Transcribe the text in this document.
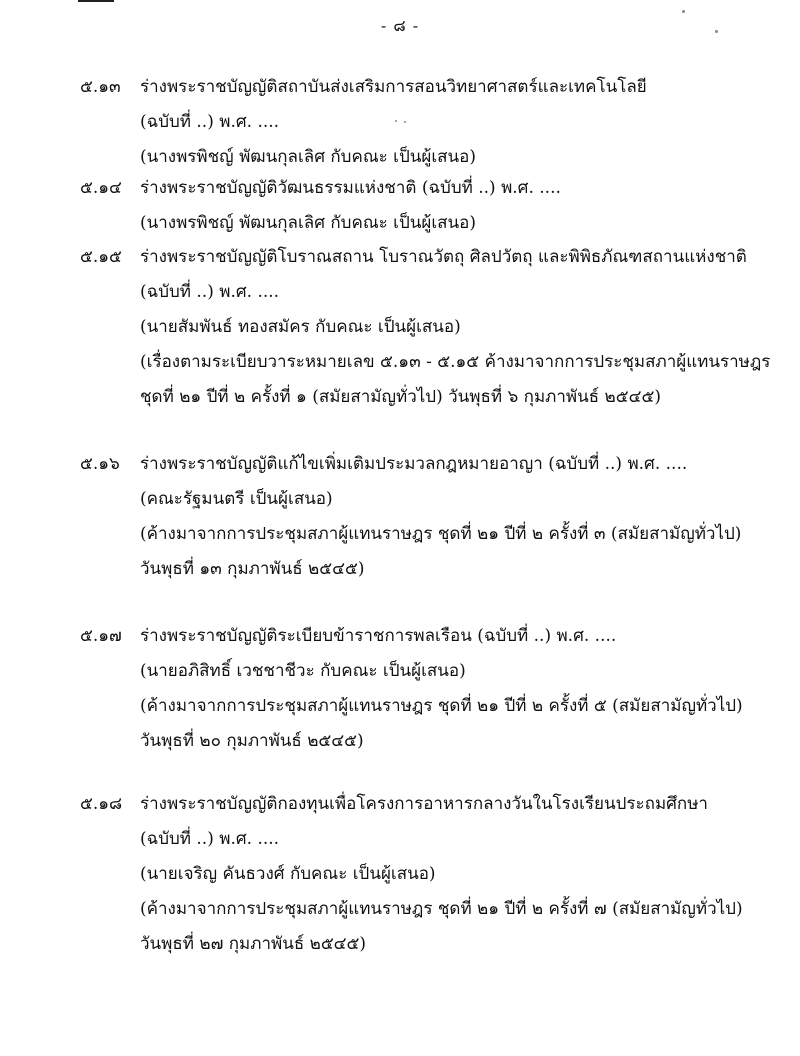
- ๘ -
๕.๑๓ ร่างพระราชบัญญัติสถาบันส่งเสริมการสอนวิทยาศาสตร์และเทคโนโลยี
(ฉบับที่ ..) พ.ศ. ....
(นางพรพิชญ์ พัฒนกุลเลิศ กับคณะ เป็นผู้เสนอ)
๕.๑๔ ร่างพระราชบัญญัติวัฒนธรรมแห่งชาติ (ฉบับที่ ..) พ.ศ. ....
(นางพรพิชญ์ พัฒนกุลเลิศ กับคณะ เป็นผู้เสนอ)
๕.๑๕ ร่างพระราชบัญญัติโบราณสถาน โบราณวัตถุ ศิลปวัตถุ และพิพิธภัณฑสถานแห่งชาติ
(ฉบับที่ ..) พ.ศ. ....
(นายสัมพันธ์ ทองสมัคร กับคณะ เป็นผู้เสนอ)
(เรื่องตามระเบียบวาระหมายเลข ๕.๑๓ - ๕.๑๕ ค้างมาจากการประชุมสภาผู้แทนราษฎร
ชุดที่ ๒๑ ปีที่ ๒ ครั้งที่ ๑ (สมัยสามัญทั่วไป) วันพุธที่ ๖ กุมภาพันธ์ ๒๕๔๕)
๕.๑๖ ร่างพระราชบัญญัติแก้ไขเพิ่มเติมประมวลกฎหมายอาญา (ฉบับที่ ..) พ.ศ. ....
(คณะรัฐมนตรี เป็นผู้เสนอ)
(ค้างมาจากการประชุมสภาผู้แทนราษฎร ชุดที่ ๒๑ ปีที่ ๒ ครั้งที่ ๓ (สมัยสามัญทั่วไป)
วันพุธที่ ๑๓ กุมภาพันธ์ ๒๕๔๕)
๕.๑๗ ร่างพระราชบัญญัติระเบียบข้าราชการพลเรือน (ฉบับที่ ..) พ.ศ. ....
(นายอภิสิทธิ์ เวชชาชีวะ กับคณะ เป็นผู้เสนอ)
(ค้างมาจากการประชุมสภาผู้แทนราษฎร ชุดที่ ๒๑ ปีที่ ๒ ครั้งที่ ๕ (สมัยสามัญทั่วไป)
วันพุธที่ ๒๐ กุมภาพันธ์ ๒๕๔๕)
๕.๑๘ ร่างพระราชบัญญัติกองทุนเพื่อโครงการอาหารกลางวันในโรงเรียนประถมศึกษา
(ฉบับที่ ..) พ.ศ. ....
(นายเจริญ คันธวงศ์ กับคณะ เป็นผู้เสนอ)
(ค้างมาจากการประชุมสภาผู้แทนราษฎร ชุดที่ ๒๑ ปีที่ ๒ ครั้งที่ ๗ (สมัยสามัญทั่วไป)
วันพุธที่ ๒๗ กุมภาพันธ์ ๒๕๔๕)
